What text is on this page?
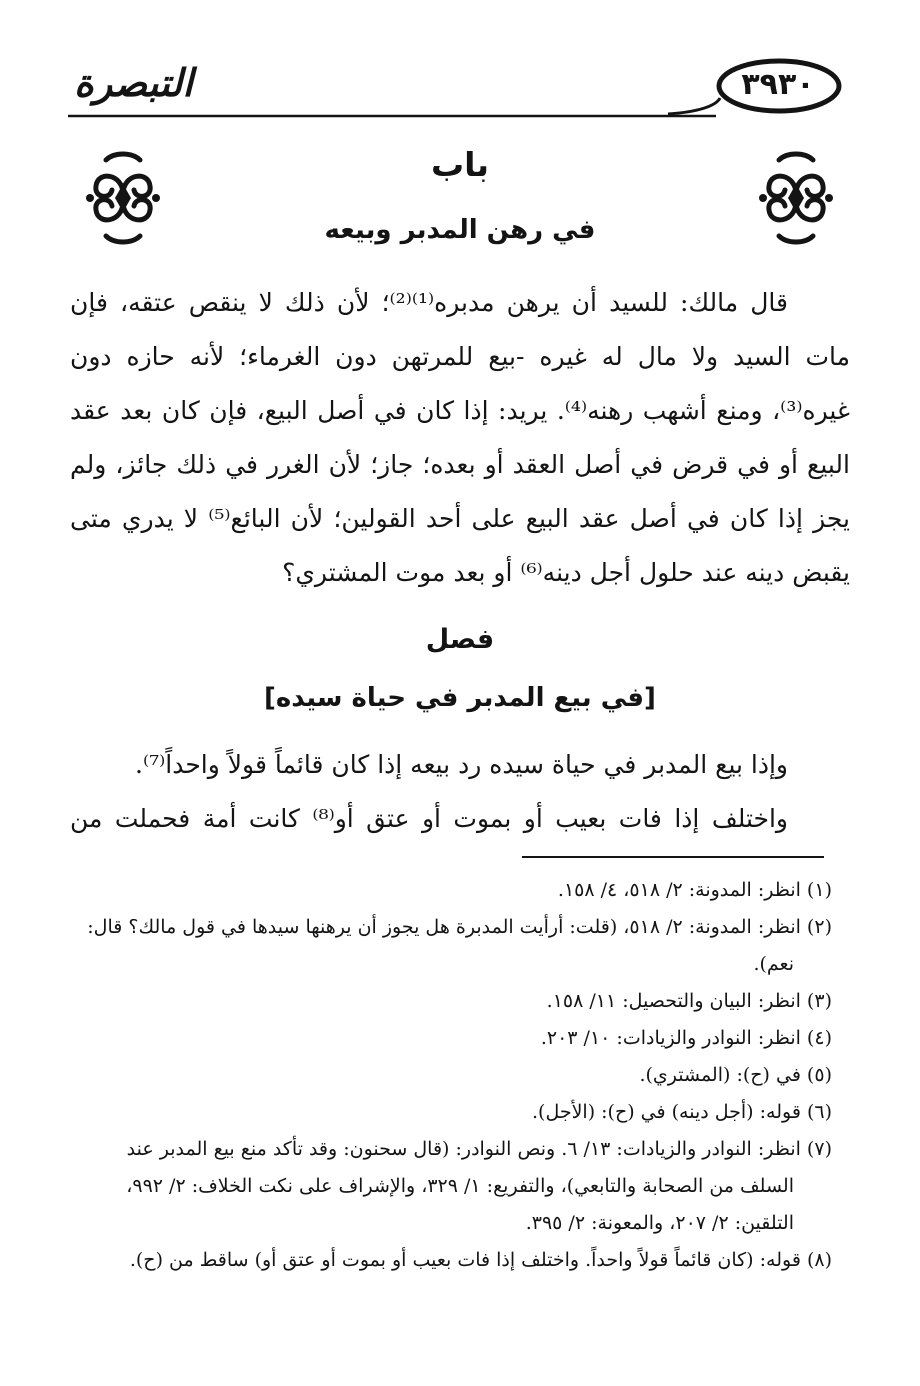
التبصرة	٣٩٣٠
باب
في رهن المدبر وبيعه

قال مالك: للسيد أن يرهن مدبره⁽¹⁾⁽²⁾؛ لأن ذلك لا ينقص عتقه، فإن مات السيد ولا مال له غيره -بيع للمرتهن دون الغرماء؛ لأنه حازه دون غيره⁽³⁾، ومنع أشهب رهنه⁽⁴⁾. يريد: إذا كان في أصل البيع، فإن كان بعد عقد البيع أو في قرض في أصل العقد أو بعده؛ جاز؛ لأن الغرر في ذلك جائز، ولم يجز إذا كان في أصل عقد البيع على أحد القولين؛ لأن البائع⁽⁵⁾ لا يدري متى يقبض دينه عند حلول أجل دينه⁽⁶⁾ أو بعد موت المشتري؟

فصل
[في بيع المدبر في حياة سيده]

وإذا بيع المدبر في حياة سيده رد بيعه إذا كان قائماً قولاً واحداً⁽⁷⁾.

واختلف إذا فات بعيب أو بموت أو عتق أو⁽⁸⁾ كانت أمة فحملت من

(١) انظر: المدونة: ٢/ ٥١٨، ٤/ ١٥٨.

(٢) انظر: المدونة: ٢/ ٥١٨، (قلت: أرأيت المدبرة هل يجوز أن يرهنها سيدها في قول مالك؟ قال: نعم).

(٣) انظر: البيان والتحصيل: ١١/ ١٥٨.

(٤) انظر: النوادر والزيادات: ١٠/ ٢٠٣.

(٥) في (ح): (المشتري).

(٦) قوله: (أجل دينه) في (ح): (الأجل).

(٧) انظر: النوادر والزيادات: ١٣/ ٦. ونص النوادر: (قال سحنون: وقد تأكد منع بيع المدبر عند السلف من الصحابة والتابعي)، والتفريع: ١/ ٣٢٩، والإشراف على نكت الخلاف: ٢/ ٩٩٢، التلقين: ٢/ ٢٠٧، والمعونة: ٢/ ٣٩٥.

(٨) قوله: (كان قائماً قولاً واحداً. واختلف إذا فات بعيب أو بموت أو عتق أو) ساقط من (ح).
